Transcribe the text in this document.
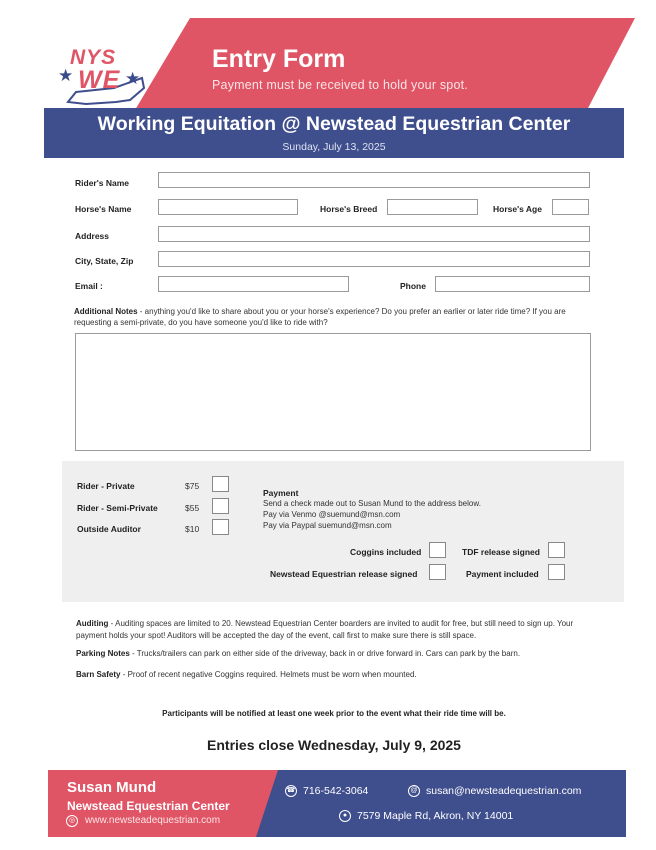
NYS
WE
★	★
Entry Form
Payment must be received to hold your spot.
Working Equitation @ Newstead Equestrian Center
Sunday, July 13, 2025
Rider's Name
Horse's Name	Horse's Breed	Horse's Age
Address
City, State, Zip
Email :	Phone
Additional Notes - anything you'd like to share about you or your horse's experience? Do you prefer an earlier or later ride time? If you are requesting a semi-private, do you have someone you'd like to ride with?
Rider - Private	$75
Rider - Semi-Private	$55
Outside Auditor	$10
Payment
Send a check made out to Susan Mund to the address below.
Pay via Venmo @suemund@msn.com
Pay via Paypal suemund@msn.com
Coggins included	TDF release signed
Newstead Equestrian release signed	Payment included
Auditing - Auditing spaces are limited to 20. Newstead Equestrian Center boarders are invited to audit for free, but still need to sign up. Your payment holds your spot! Auditors will be accepted the day of the event, call first to make sure there is still space.
Parking Notes - Trucks/trailers can park on either side of the driveway, back in or drive forward in. Cars can park by the barn.
Barn Safety - Proof of recent negative Coggins required. Helmets must be worn when mounted.
Participants will be notified at least one week prior to the event what their ride time will be.
Entries close Wednesday, July 9, 2025
Susan Mund
Newstead Equestrian Center
◎ www.newsteadequestrian.com
☎ 716-542-3064	@ susan@newsteadequestrian.com
● 7579 Maple Rd, Akron, NY 14001
